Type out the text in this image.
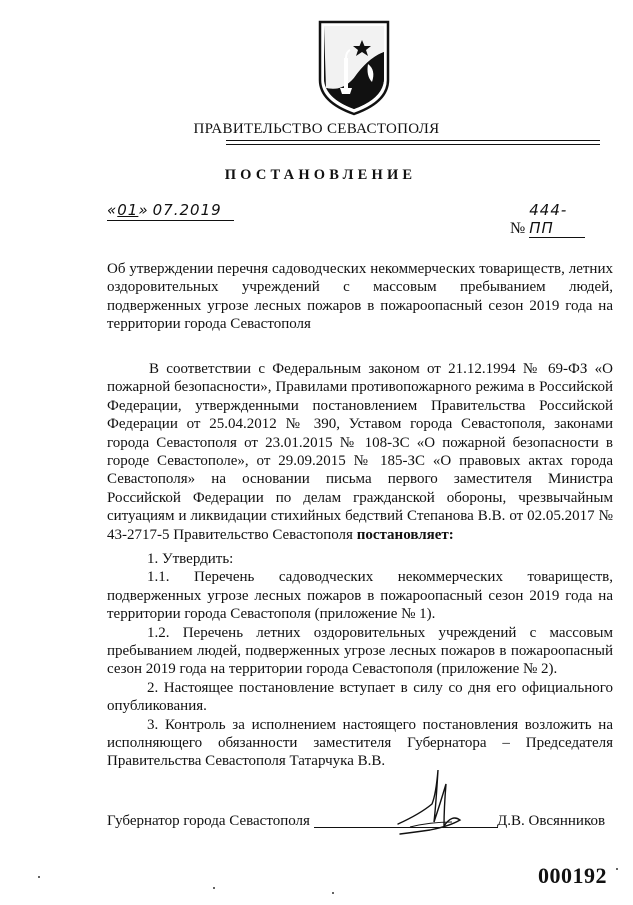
ПРАВИТЕЛЬСТВО СЕВАСТОПОЛЯ
ПОСТАНОВЛЕНИЕ
«01» 07.2019
№ 444-ПП
Об утверждении перечня садоводческих некоммерческих товариществ, летних оздоровительных учреждений с массовым пребыванием людей, подверженных угрозе лесных пожаров в пожароопасный сезон 2019 года на территории города Севастополя
В соответствии с Федеральным законом от 21.12.1994 № 69-ФЗ «О пожарной безопасности», Правилами противопожарного режима в Российской Федерации, утвержденными постановлением Правительства Российской Федерации от 25.04.2012 № 390, Уставом города Севастополя, законами города Севастополя от 23.01.2015 № 108-ЗС «О пожарной безопасности в городе Севастополе», от 29.09.2015 № 185-ЗС «О правовых актах города Севастополя» на основании письма первого заместителя Министра Российской Федерации по делам гражданской обороны, чрезвычайным ситуациям и ликвидации стихийных бедствий Степанова В.В. от 02.05.2017 № 43-2717-5 Правительство Севастополя постановляет:

1. Утвердить:

1.1. Перечень садоводческих некоммерческих товариществ, подверженных угрозе лесных пожаров в пожароопасный сезон 2019 года на территории города Севастополя (приложение № 1).

1.2. Перечень летних оздоровительных учреждений с массовым пребыванием людей, подверженных угрозе лесных пожаров в пожароопасный сезон 2019 года на территории города Севастополя (приложение № 2).

2. Настоящее постановление вступает в силу со дня его официального опубликования.

3. Контроль за исполнением настоящего постановления возложить на исполняющего обязанности заместителя Губернатора – Председателя Правительства Севастополя Татарчука В.В.

Губернатор города Севастополя	Д.В. Овсянников
000192
